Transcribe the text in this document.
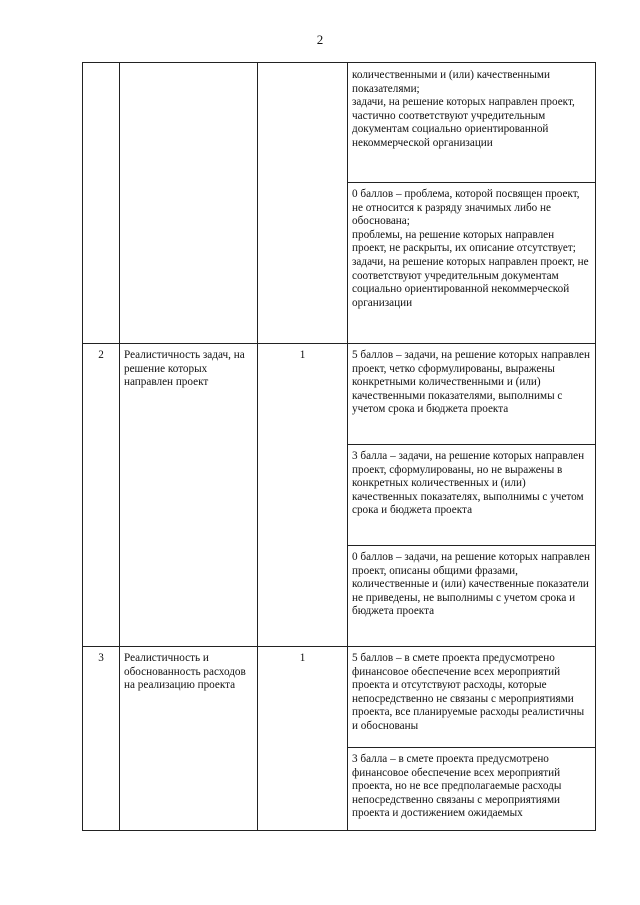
2

			количественными и (или) качественными показателями;
задачи, на решение которых направлен проект, частично соответствуют учредительным документам социально ориентированной некоммерческой организации

			0 баллов – проблема, которой посвящен проект, не относится к разряду значимых либо не обоснована;
проблемы, на решение которых направлен проект, не раскрыты, их описание отсутствует;
задачи, на решение которых направлен проект, не соответствуют учредительным документам социально ориентированной некоммерческой организации

2	Реалистичность задач, на решение которых направлен проект	1	5 баллов – задачи, на решение которых направлен проект, четко сформулированы, выражены конкретными количественными и (или) качественными показателями, выполнимы с учетом срока и бюджета проекта

			3 балла – задачи, на решение которых направлен проект, сформулированы, но не выражены в конкретных количественных и (или) качественных показателях, выполнимы с учетом срока и бюджета проекта

			0 баллов – задачи, на решение которых направлен проект, описаны общими фразами, количественные и (или) качественные показатели не приведены, не выполнимы с учетом срока и бюджета проекта

3	Реалистичность и обоснованность расходов на реализацию проекта	1	5 баллов – в смете проекта предусмотрено финансовое обеспечение всех мероприятий проекта и отсутствуют расходы, которые непосредственно не связаны с мероприятиями проекта, все планируемые расходы реалистичны и обоснованы

			3 балла – в смете проекта предусмотрено финансовое обеспечение всех мероприятий проекта, но не все предполагаемые расходы непосредственно связаны с мероприятиями проекта и достижением ожидаемых
